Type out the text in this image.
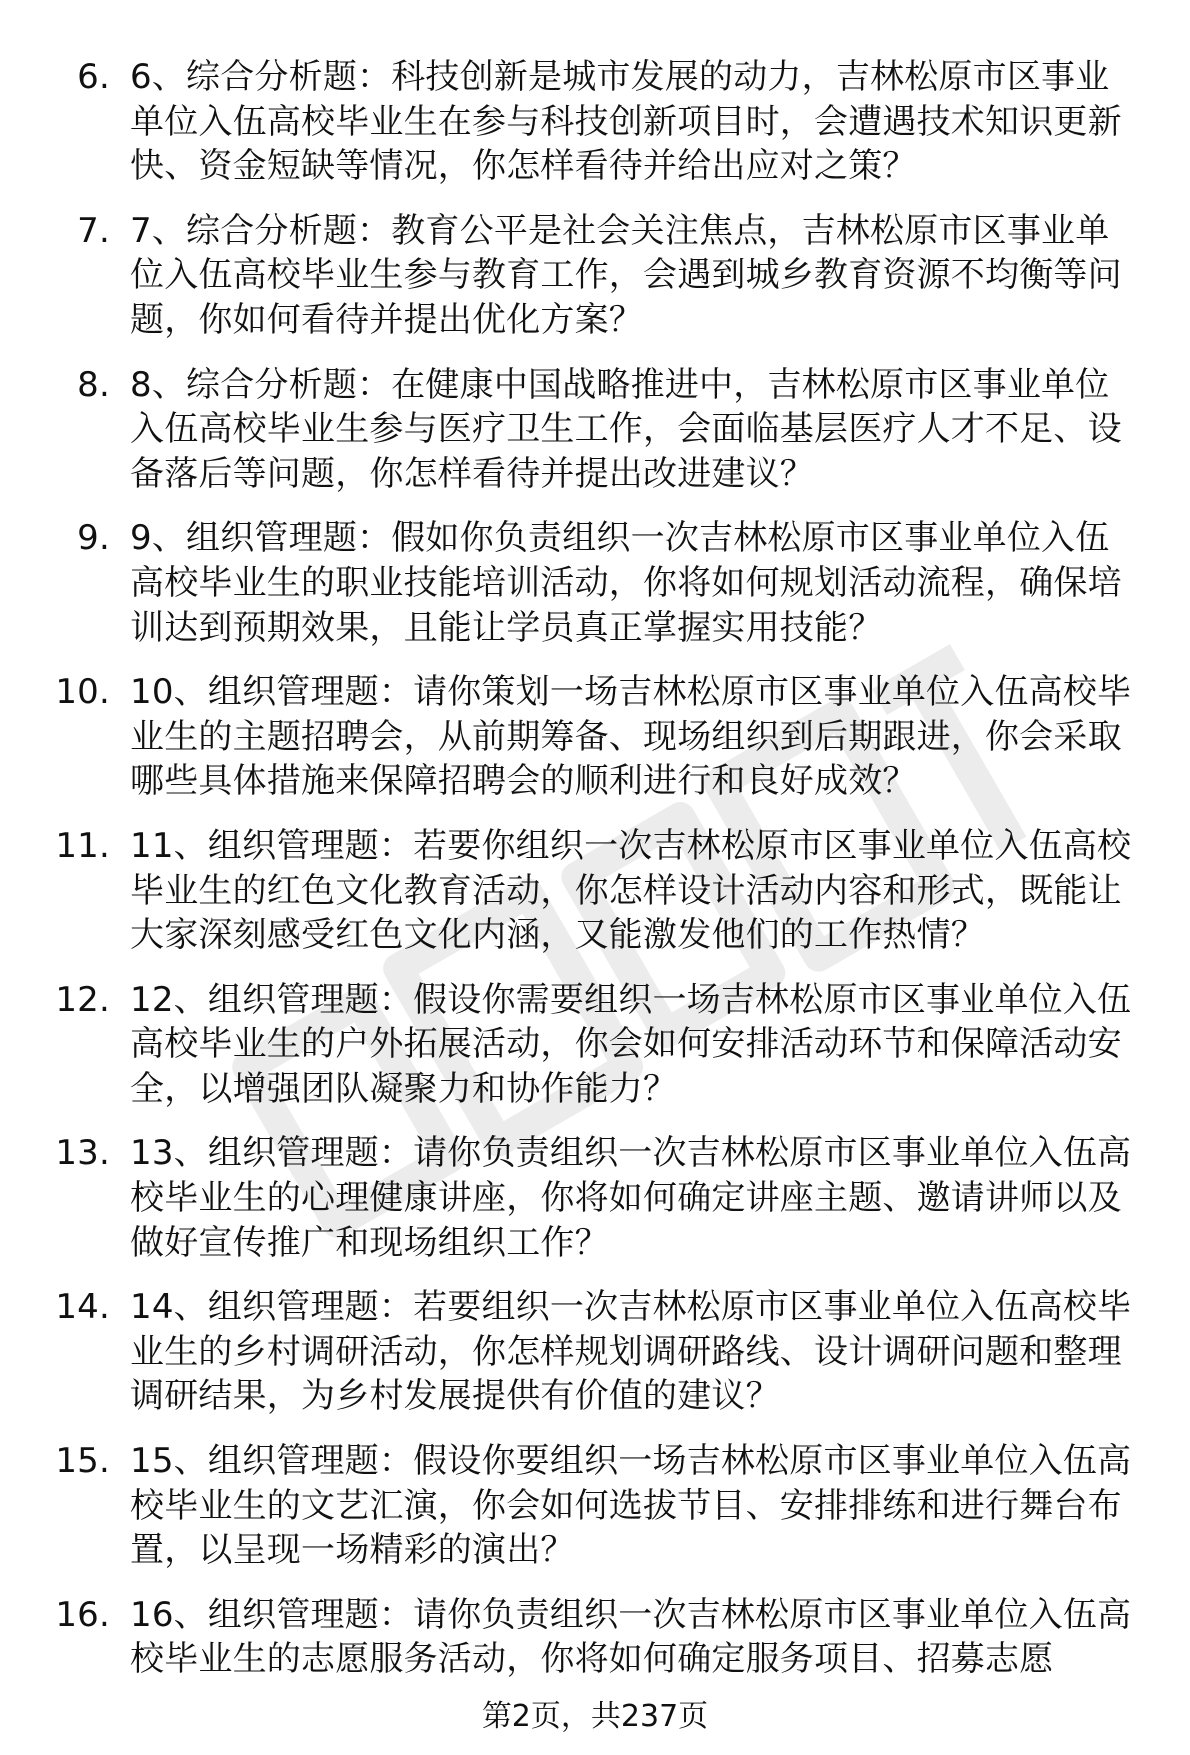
6. 6、综合分析题：科技创新是城市发展的动力，吉林松原市区事业单位入伍高校毕业生在参与科技创新项目时，会遭遇技术知识更新快、资金短缺等情况，你怎样看待并给出应对之策？
7. 7、综合分析题：教育公平是社会关注焦点，吉林松原市区事业单位入伍高校毕业生参与教育工作，会遇到城乡教育资源不均衡等问题，你如何看待并提出优化方案？
8. 8、综合分析题：在健康中国战略推进中，吉林松原市区事业单位入伍高校毕业生参与医疗卫生工作，会面临基层医疗人才不足、设备落后等问题，你怎样看待并提出改进建议？
9. 9、组织管理题：假如你负责组织一次吉林松原市区事业单位入伍高校毕业生的职业技能培训活动，你将如何规划活动流程，确保培训达到预期效果，且能让学员真正掌握实用技能？
10. 10、组织管理题：请你策划一场吉林松原市区事业单位入伍高校毕业生的主题招聘会，从前期筹备、现场组织到后期跟进，你会采取哪些具体措施来保障招聘会的顺利进行和良好成效？
11. 11、组织管理题：若要你组织一次吉林松原市区事业单位入伍高校毕业生的红色文化教育活动，你怎样设计活动内容和形式，既能让大家深刻感受红色文化内涵，又能激发他们的工作热情？
12. 12、组织管理题：假设你需要组织一场吉林松原市区事业单位入伍高校毕业生的户外拓展活动，你会如何安排活动环节和保障活动安全，以增强团队凝聚力和协作能力？
13. 13、组织管理题：请你负责组织一次吉林松原市区事业单位入伍高校毕业生的心理健康讲座，你将如何确定讲座主题、邀请讲师以及做好宣传推广和现场组织工作？
14. 14、组织管理题：若要组织一次吉林松原市区事业单位入伍高校毕业生的乡村调研活动，你怎样规划调研路线、设计调研问题和整理调研结果，为乡村发展提供有价值的建议？
15. 15、组织管理题：假设你要组织一场吉林松原市区事业单位入伍高校毕业生的文艺汇演，你会如何选拔节目、安排排练和进行舞台布置，以呈现一场精彩的演出？
16. 16、组织管理题：请你负责组织一次吉林松原市区事业单位入伍高校毕业生的志愿服务活动，你将如何确定服务项目、招募志愿
第2页，共237页
